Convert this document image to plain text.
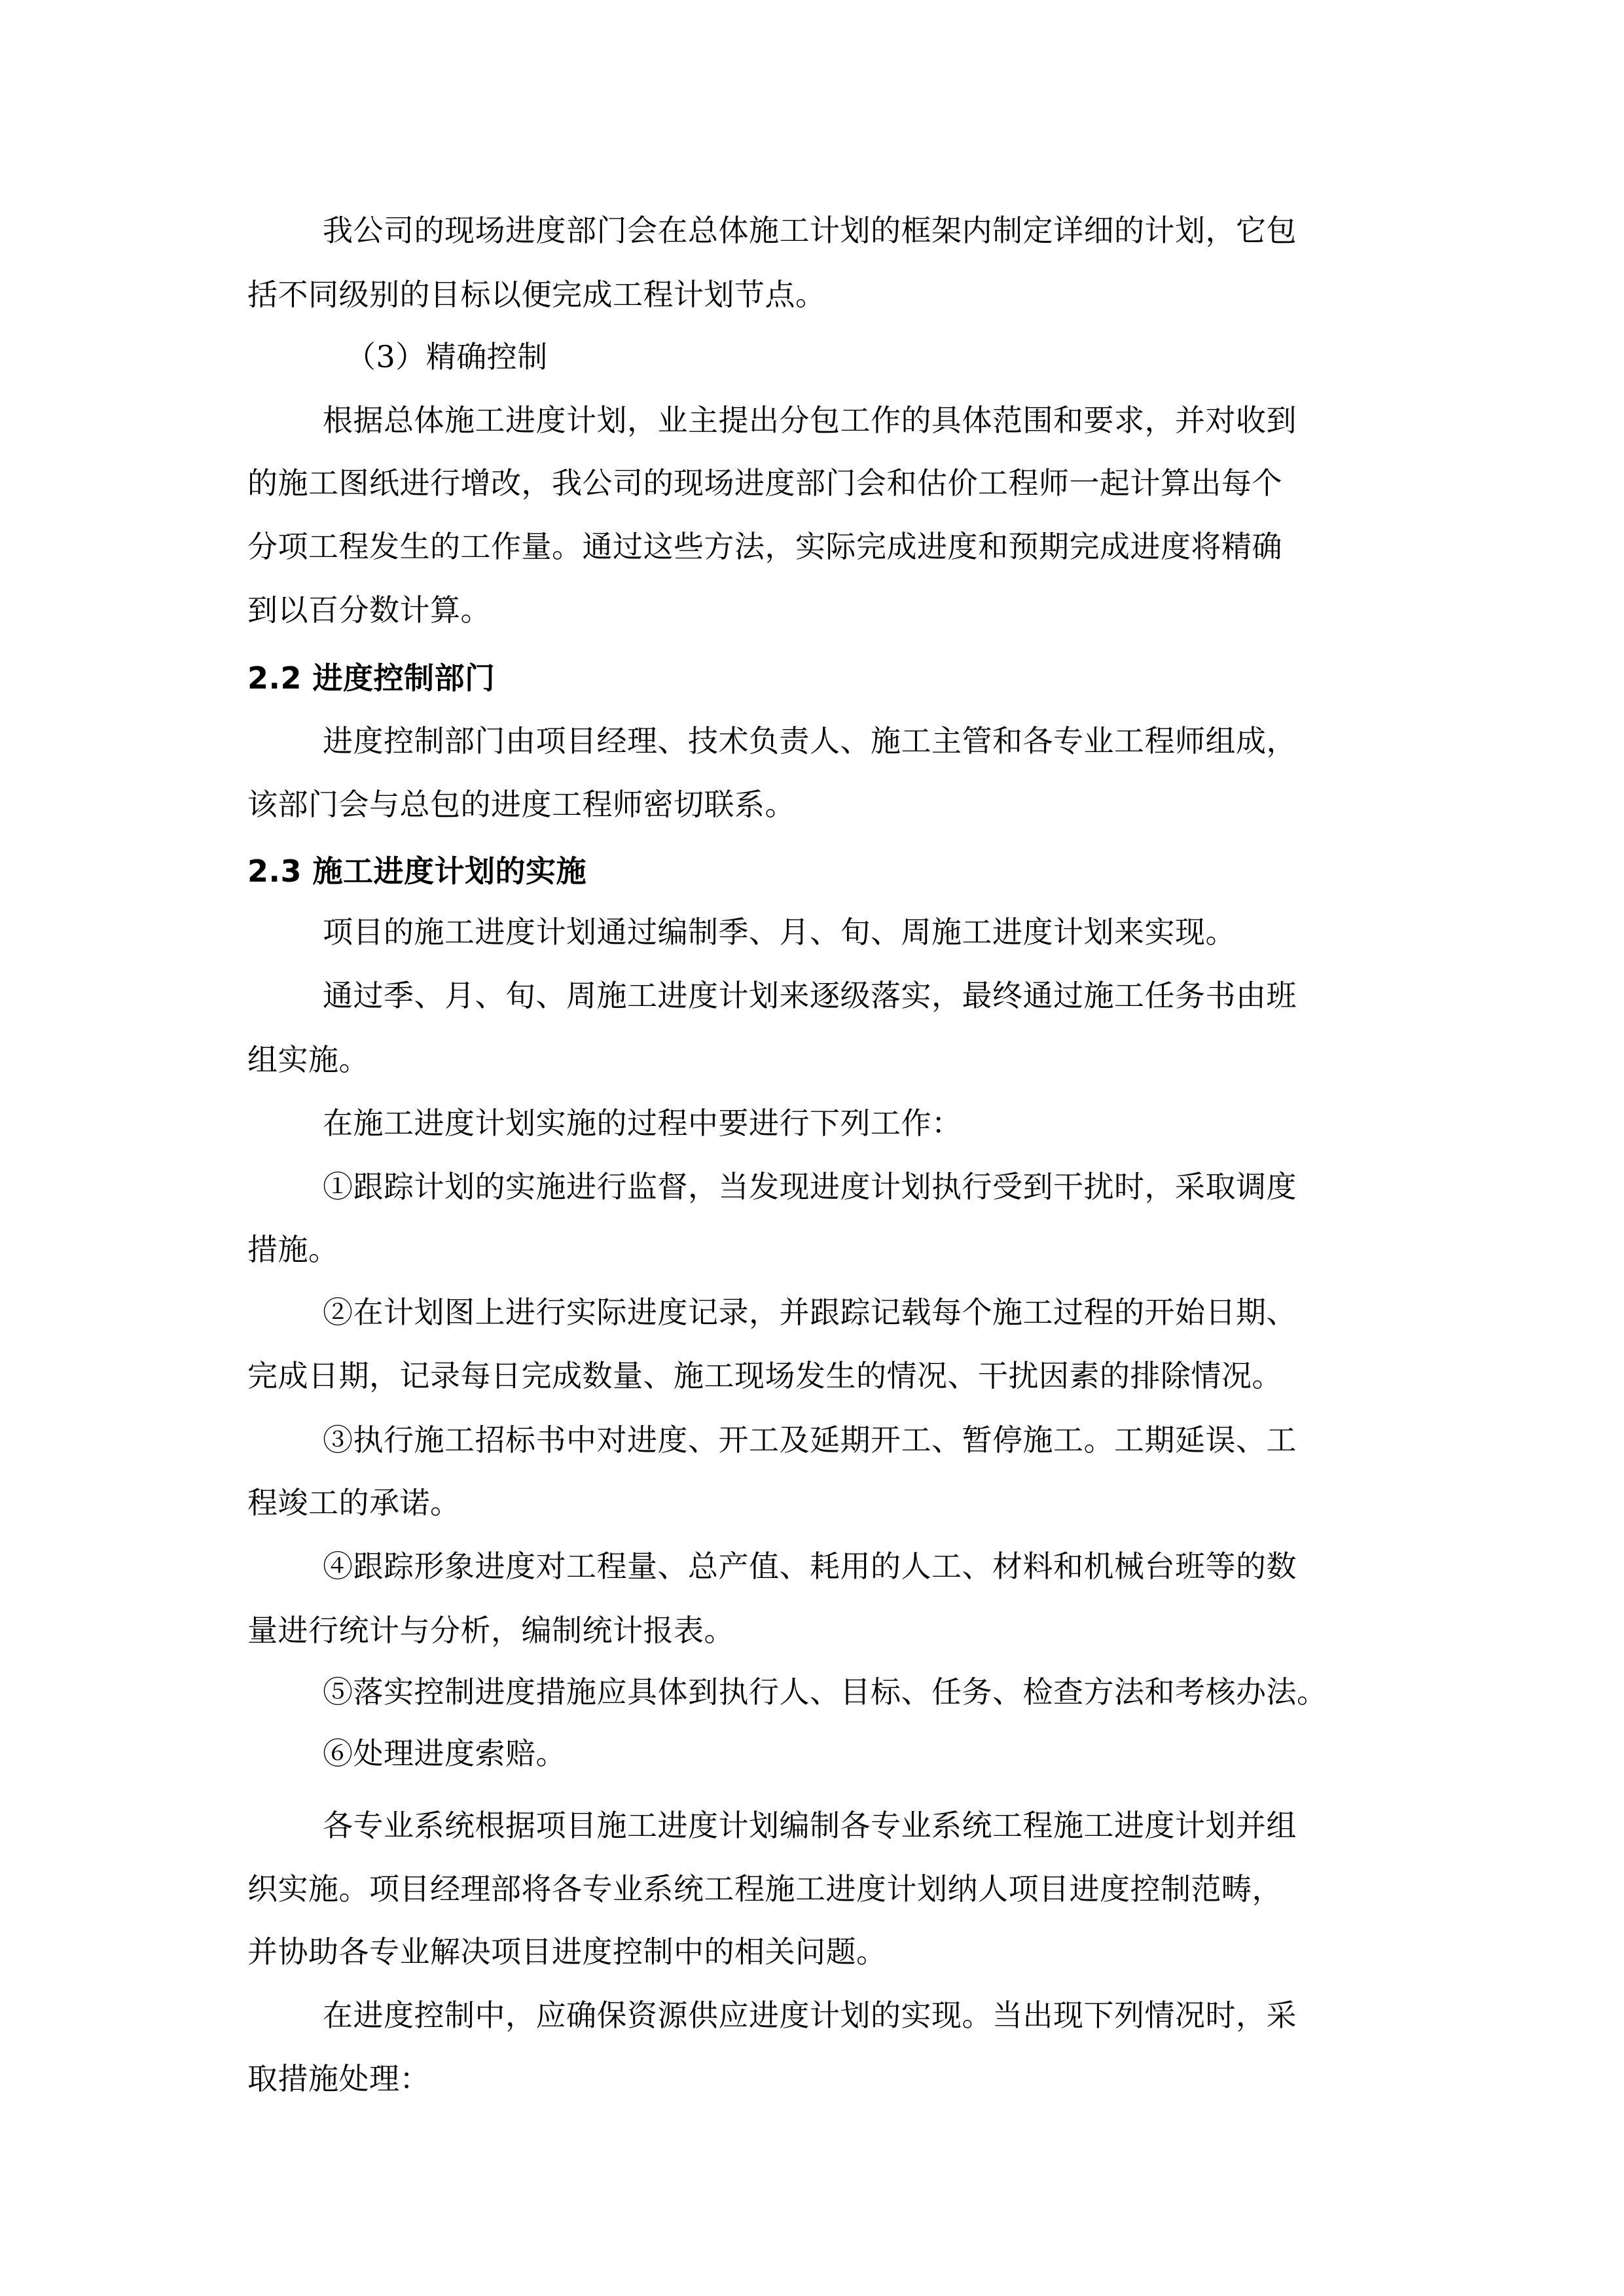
我公司的现场进度部门会在总体施工计划的框架内制定详细的计划，它包

括不同级别的目标以便完成工程计划节点。

（3）精确控制

根据总体施工进度计划，业主提出分包工作的具体范围和要求，并对收到

的施工图纸进行增改，我公司的现场进度部门会和估价工程师一起计算出每个

分项工程发生的工作量。通过这些方法，实际完成进度和预期完成进度将精确

到以百分数计算。

2.2 进度控制部门

进度控制部门由项目经理、技术负责人、施工主管和各专业工程师组成，

该部门会与总包的进度工程师密切联系。

2.3 施工进度计划的实施

项目的施工进度计划通过编制季、月、旬、周施工进度计划来实现。

通过季、月、旬、周施工进度计划来逐级落实，最终通过施工任务书由班

组实施。

在施工进度计划实施的过程中要进行下列工作：

①跟踪计划的实施进行监督，当发现进度计划执行受到干扰时，采取调度

措施。

②在计划图上进行实际进度记录，并跟踪记载每个施工过程的开始日期、

完成日期，记录每日完成数量、施工现场发生的情况、干扰因素的排除情况。

③执行施工招标书中对进度、开工及延期开工、暂停施工。工期延误、工

程竣工的承诺。

④跟踪形象进度对工程量、总产值、耗用的人工、材料和机械台班等的数

量进行统计与分析，编制统计报表。

⑤落实控制进度措施应具体到执行人、目标、任务、检查方法和考核办法。

⑥处理进度索赔。

各专业系统根据项目施工进度计划编制各专业系统工程施工进度计划并组

织实施。项目经理部将各专业系统工程施工进度计划纳人项目进度控制范畴，

并协助各专业解决项目进度控制中的相关问题。

在进度控制中，应确保资源供应进度计划的实现。当出现下列情况时，采

取措施处理：
